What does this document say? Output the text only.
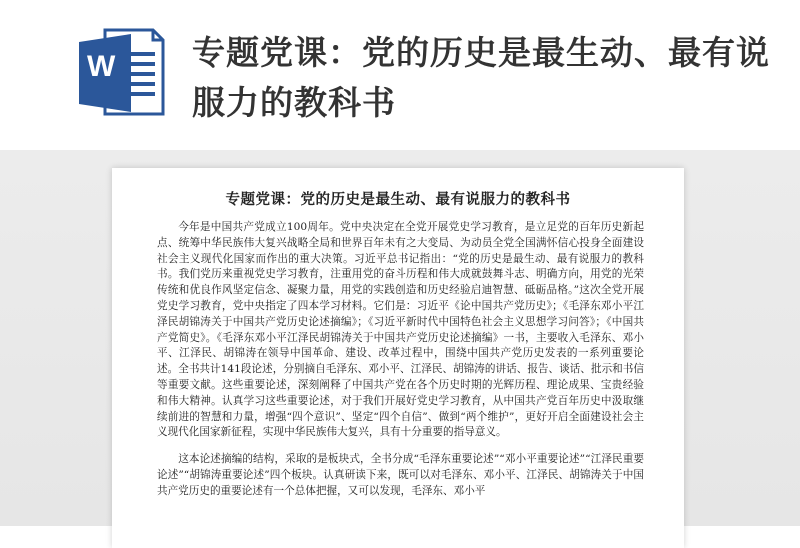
W 专题党课：党的历史是最生动、最有说服力的教科书
专题党课：党的历史是最生动、最有说服力的教科书

今年是中国共产党成立100周年。党中央决定在全党开展党史学习教育，是立足党的百年历史新起点、统筹中华民族伟大复兴战略全局和世界百年未有之大变局、为动员全党全国满怀信心投身全面建设社会主义现代化国家而作出的重大决策。习近平总书记指出：“党的历史是最生动、最有说服力的教科书。我们党历来重视党史学习教育，注重用党的奋斗历程和伟大成就鼓舞斗志、明确方向，用党的光荣传统和优良作风坚定信念、凝聚力量，用党的实践创造和历史经验启迪智慧、砥砺品格。”这次全党开展党史学习教育，党中央指定了四本学习材料。它们是：习近平《论中国共产党历史》；《毛泽东邓小平江泽民胡锦涛关于中国共产党历史论述摘编》；《习近平新时代中国特色社会主义思想学习问答》；《中国共产党简史》。《毛泽东邓小平江泽民胡锦涛关于中国共产党历史论述摘编》一书，主要收入毛泽东、邓小平、江泽民、胡锦涛在领导中国革命、建设、改革过程中，围绕中国共产党历史发表的一系列重要论述。全书共计141段论述，分别摘自毛泽东、邓小平、江泽民、胡锦涛的讲话、报告、谈话、批示和书信等重要文献。这些重要论述，深刻阐释了中国共产党在各个历史时期的光辉历程、理论成果、宝贵经验和伟大精神。认真学习这些重要论述，对于我们开展好党史学习教育，从中国共产党百年历史中汲取继续前进的智慧和力量，增强“四个意识”、坚定“四个自信”、做到“两个维护”，更好开启全面建设社会主义现代化国家新征程，实现中华民族伟大复兴，具有十分重要的指导意义。

这本论述摘编的结构，采取的是板块式，全书分成“毛泽东重要论述”“邓小平重要论述”“江泽民重要论述”“胡锦涛重要论述”四个板块。认真研读下来，既可以对毛泽东、邓小平、江泽民、胡锦涛关于中国共产党历史的重要论述有一个总体把握，又可以发现，毛泽东、邓小平
